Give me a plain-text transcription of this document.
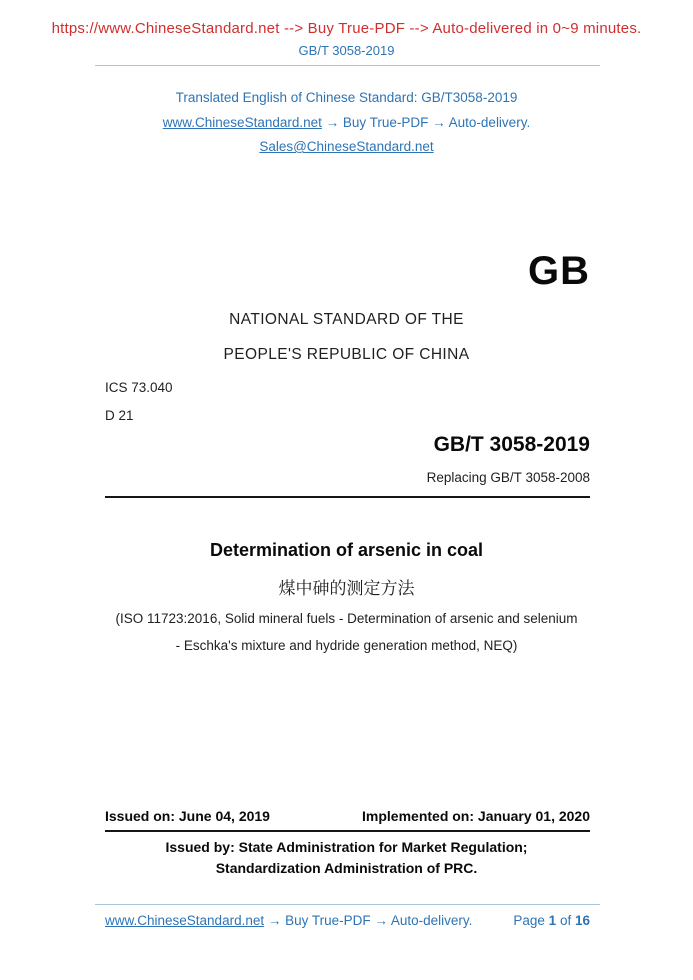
https://www.ChineseStandard.net --> Buy True-PDF --> Auto-delivered in 0~9 minutes.
GB/T 3058-2019
Translated English of Chinese Standard: GB/T3058-2019
www.ChineseStandard.net → Buy True-PDF → Auto-delivery.
Sales@ChineseStandard.net
GB
NATIONAL STANDARD OF THE
PEOPLE'S REPUBLIC OF CHINA
ICS 73.040
D 21
GB/T 3058-2019
Replacing GB/T 3058-2008
Determination of arsenic in coal
煤中砷的测定方法
(ISO 11723:2016, Solid mineral fuels - Determination of arsenic and selenium
- Eschka's mixture and hydride generation method, NEQ)
Issued on: June 04, 2019	Implemented on: January 01, 2020
Issued by: State Administration for Market Regulation;
Standardization Administration of PRC.
www.ChineseStandard.net → Buy True-PDF → Auto-delivery.	Page 1 of 16
